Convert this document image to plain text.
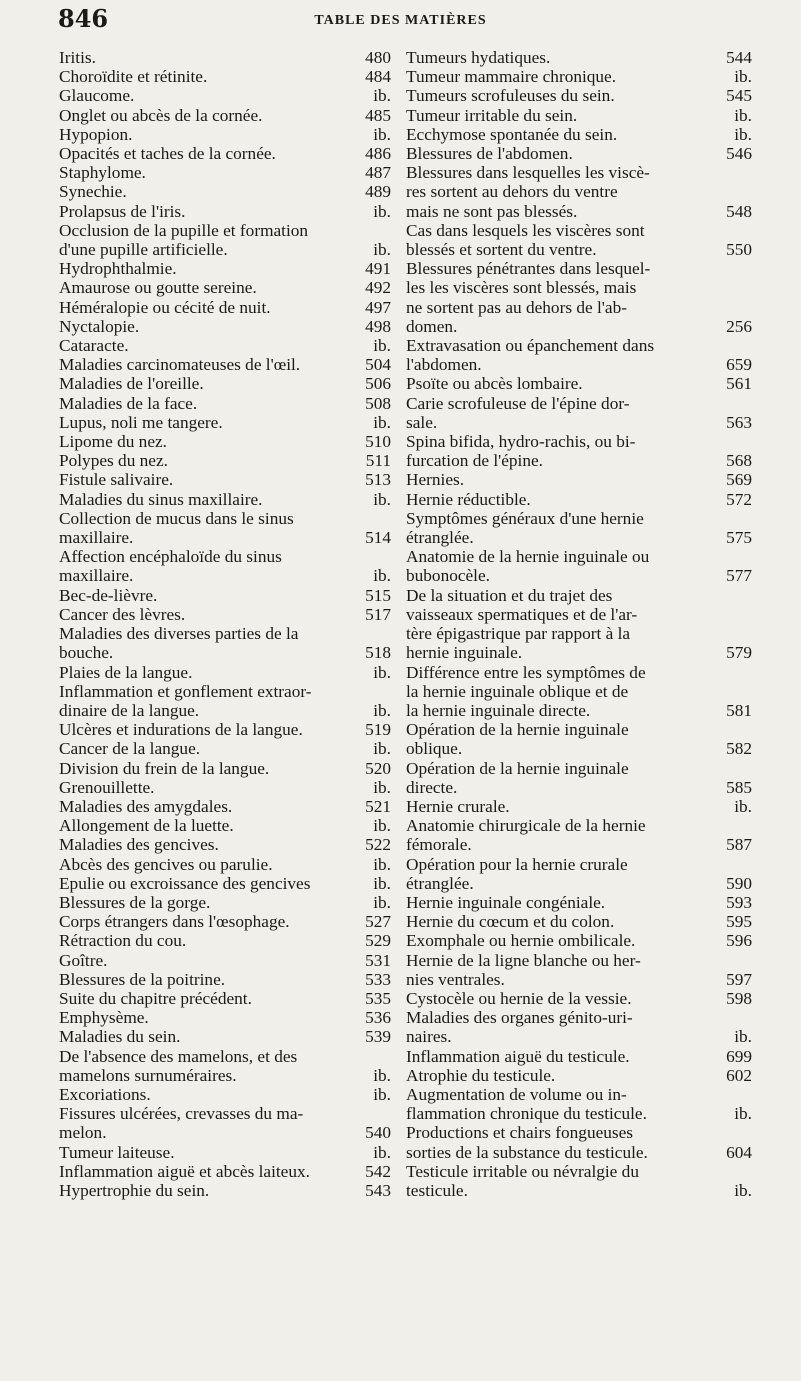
846	TABLE DES MATIÈRES
Iritis.	480
Choroïdite et rétinite.	484
Glaucome.	ib.
Onglet ou abcès de la cornée.	485
Hypopion.	ib.
Opacités et taches de la cornée.	486
Staphylome.	487
Synechie.	489
Prolapsus de l'iris.	ib.
Occlusion de la pupille et formation
d'une pupille artificielle.	ib.
Hydrophthalmie.	491
Amaurose ou goutte sereine.	492
Héméralopie ou cécité de nuit.	497
Nyctalopie.	498
Cataracte.	ib.
Maladies carcinomateuses de l'œil.	504
Maladies de l'oreille.	506
Maladies de la face.	508
Lupus, noli me tangere.	ib.
Lipome du nez.	510
Polypes du nez.	511
Fistule salivaire.	513
Maladies du sinus maxillaire.	ib.
Collection de mucus dans le sinus
maxillaire.	514
Affection encéphaloïde du sinus
maxillaire.	ib.
Bec-de-lièvre.	515
Cancer des lèvres.	517
Maladies des diverses parties de la
bouche.	518
Plaies de la langue.	ib.
Inflammation et gonflement extraor-
dinaire de la langue.	ib.
Ulcères et indurations de la langue.	519
Cancer de la langue.	ib.
Division du frein de la langue.	520
Grenouillette.	ib.
Maladies des amygdales.	521
Allongement de la luette.	ib.
Maladies des gencives.	522
Abcès des gencives ou parulie.	ib.
Epulie ou excroissance des gencives	ib.
Blessures de la gorge.	ib.
Corps étrangers dans l'œsophage.	527
Rétraction du cou.	529
Goître.	531
Blessures de la poitrine.	533
Suite du chapitre précédent.	535
Emphysème.	536
Maladies du sein.	539
De l'absence des mamelons, et des
mamelons surnuméraires.	ib.
Excoriations.	ib.
Fissures ulcérées, crevasses du ma-
melon.	540
Tumeur laiteuse.	ib.
Inflammation aiguë et abcès laiteux.	542
Hypertrophie du sein.	543
Tumeurs hydatiques.	544
Tumeur mammaire chronique.	ib.
Tumeurs scrofuleuses du sein.	545
Tumeur irritable du sein.	ib.
Ecchymose spontanée du sein.	ib.
Blessures de l'abdomen.	546
Blessures dans lesquelles les viscè-
res sortent au dehors du ventre
mais ne sont pas blessés.	548
Cas dans lesquels les viscères sont
blessés et sortent du ventre.	550
Blessures pénétrantes dans lesquel-
les les viscères sont blessés, mais
ne sortent pas au dehors de l'ab-
domen.	256
Extravasation ou épanchement dans
l'abdomen.	659
Psoïte ou abcès lombaire.	561
Carie scrofuleuse de l'épine dor-
sale.	563
Spina bifida, hydro-rachis, ou bi-
furcation de l'épine.	568
Hernies.	569
Hernie réductible.	572
Symptômes généraux d'une hernie
étranglée.	575
Anatomie de la hernie inguinale ou
bubonocèle.	577
De la situation et du trajet des
vaisseaux spermatiques et de l'ar-
tère épigastrique par rapport à la
hernie inguinale.	579
Différence entre les symptômes de
la hernie inguinale oblique et de
la hernie inguinale directe.	581
Opération de la hernie inguinale
oblique.	582
Opération de la hernie inguinale
directe.	585
Hernie crurale.	ib.
Anatomie chirurgicale de la hernie
fémorale.	587
Opération pour la hernie crurale
étranglée.	590
Hernie inguinale congéniale.	593
Hernie du cœcum et du colon.	595
Exomphale ou hernie ombilicale.	596
Hernie de la ligne blanche ou her-
nies ventrales.	597
Cystocèle ou hernie de la vessie.	598
Maladies des organes génito-uri-
naires.	ib.
Inflammation aiguë du testicule.	699
Atrophie du testicule.	602
Augmentation de volume ou in-
flammation chronique du testicule.	ib.
Productions et chairs fongueuses
sorties de la substance du testicule.	604
Testicule irritable ou névralgie du
testicule.	ib.
